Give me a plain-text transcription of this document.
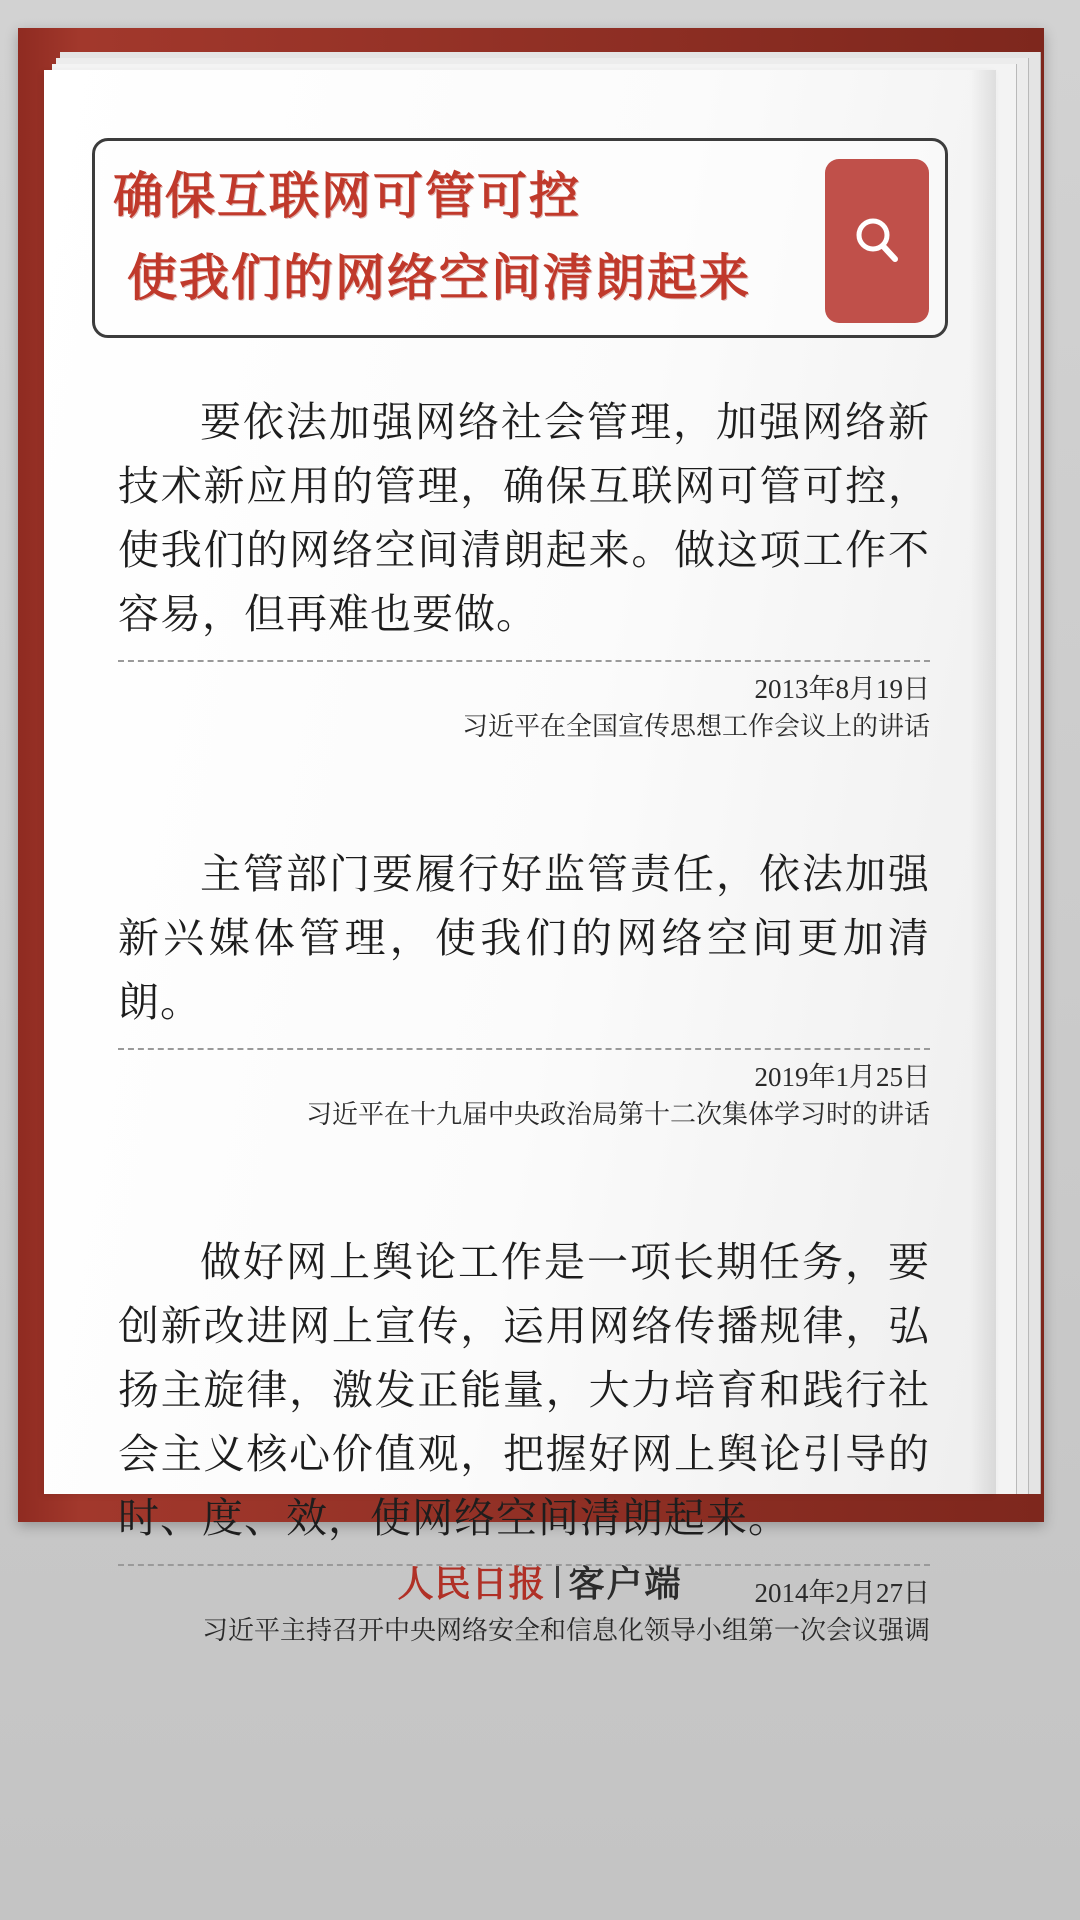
确保互联网可管可控
使我们的网络空间清朗起来
要依法加强网络社会管理，加强网络新技术新应用的管理，确保互联网可管可控，使我们的网络空间清朗起来。做这项工作不容易，但再难也要做。
2013年8月19日
习近平在全国宣传思想工作会议上的讲话
主管部门要履行好监管责任，依法加强新兴媒体管理，使我们的网络空间更加清朗。
2019年1月25日
习近平在十九届中央政治局第十二次集体学习时的讲话
做好网上舆论工作是一项长期任务，要创新改进网上宣传，运用网络传播规律，弘扬主旋律，激发正能量，大力培育和践行社会主义核心价值观，把握好网上舆论引导的时、度、效，使网络空间清朗起来。
2014年2月27日
习近平主持召开中央网络安全和信息化领导小组第一次会议强调
人民日报 客户端
